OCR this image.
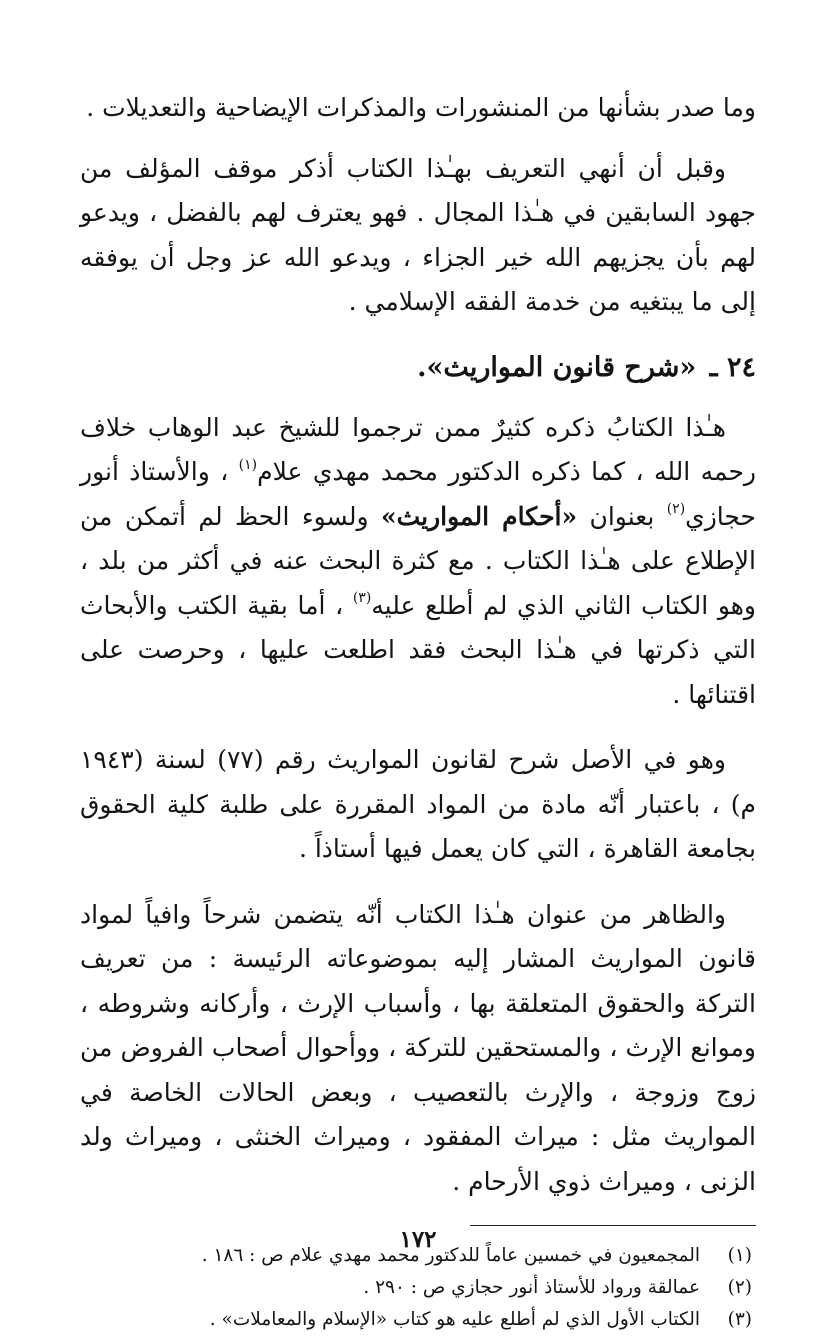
وما صدر بشأنها من المنشورات والمذكرات الإيضاحية والتعديلات .

وقبل أن أنهي التعريف بهـٰذا الكتاب أذكر موقف المؤلف من جهود السابقين في هـٰذا المجال . فهو يعترف لهم بالفضل ، ويدعو لهم بأن يجزيهم الله خير الجزاء ، ويدعو الله عز وجل أن يوفقه إلى ما يبتغيه من خدمة الفقه الإسلامي .

٢٤ ـ «شرح قانون المواريث».

هـٰذا الكتابُ ذكره كثيرٌ ممن ترجموا للشيخ عبد الوهاب خلاف رحمه الله ، كما ذكره الدكتور محمد مهدي علام$^{(١)}$ ، والأستاذ أنور حجازي$^{(٢)}$ بعنوان «أحكام المواريث» ولسوء الحظ لم أتمكن من الإطلاع على هـٰذا الكتاب . مع كثرة البحث عنه في أكثر من بلد ، وهو الكتاب الثاني الذي لم أطلع عليه$^{(٣)}$ ، أما بقية الكتب والأبحاث التي ذكرتها في هـٰذا البحث فقد اطلعت عليها ، وحرصت على اقتنائها .

وهو في الأصل شرح لقانون المواريث رقم (٧٧) لسنة (١٩٤٣ م) ، باعتبار أنّه مادة من المواد المقررة على طلبة كلية الحقوق بجامعة القاهرة ، التي كان يعمل فيها أستاذاً .

والظاهر من عنوان هـٰذا الكتاب أنّه يتضمن شرحاً وافياً لمواد قانون المواريث المشار إليه بموضوعاته الرئيسة : من تعريف التركة والحقوق المتعلقة بها ، وأسباب الإرث ، وأركانه وشروطه ، وموانع الإرث ، والمستحقين للتركة ، ووأحوال أصحاب الفروض من زوج وزوجة ، والإرث بالتعصيب ، وبعض الحالات الخاصة في المواريث مثل : ميراث المفقود ، وميراث الخنثى ، وميراث ولد الزنى ، وميراث ذوي الأرحام .

(١)
المجمعيون في خمسين عاماً للدكتور محمد مهدي علام ص : ١٨٦ .
(٢)
عمالقة ورواد للأستاذ أنور حجازي ص : ٢٩٠ .
(٣)
الكتاب الأول الذي لم أطلع عليه هو كتاب «الإسلام والمعاملات» .
١٧٢
